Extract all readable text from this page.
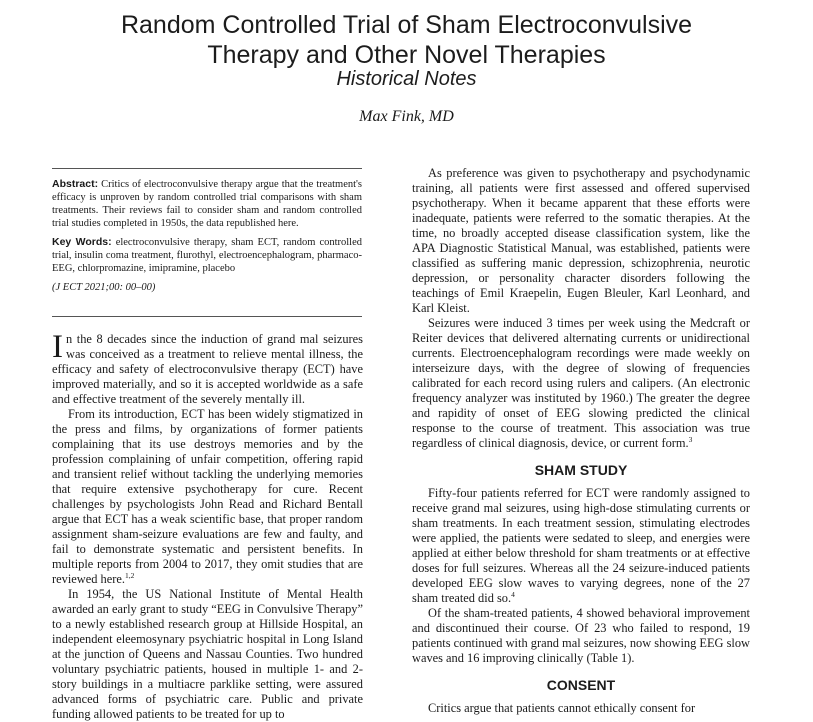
Random Controlled Trial of Sham Electroconvulsive
Therapy and Other Novel Therapies
Historical Notes
Max Fink, MD

Abstract: Critics of electroconvulsive therapy argue that the treatment's efficacy is unproven by random controlled trial comparisons with sham treatments. Their reviews fail to consider sham and random controlled trial studies completed in 1950s, the data republished here.

Key Words: electroconvulsive therapy, sham ECT, random controlled trial, insulin coma treatment, flurothyl, electroencephalogram, pharmaco-EEG, chlorpromazine, imipramine, placebo

(J ECT 2021;00: 00–00)

In the 8 decades since the induction of grand mal seizures was conceived as a treatment to relieve mental illness, the efficacy and safety of electroconvulsive therapy (ECT) have improved materially, and so it is accepted worldwide as a safe and effective treatment of the severely mentally ill.

From its introduction, ECT has been widely stigmatized in the press and films, by organizations of former patients complaining that its use destroys memories and by the profession complaining of unfair competition, offering rapid and transient relief without tackling the underlying memories that require extensive psychotherapy for cure. Recent challenges by psychologists John Read and Richard Bentall argue that ECT has a weak scientific base, that proper random assignment sham-seizure evaluations are few and faulty, and fail to demonstrate systematic and persistent benefits. In multiple reports from 2004 to 2017, they omit studies that are reviewed here.$^{1,2}$

In 1954, the US National Institute of Mental Health awarded an early grant to study “EEG in Convulsive Therapy” to a newly established research group at Hillside Hospital, an independent eleemosynary psychiatric hospital in Long Island at the junction of Queens and Nassau Counties. Two hundred voluntary psychiatric patients, housed in multiple 1- and 2-story buildings in a multiacre parklike setting, were assured advanced forms of psychiatric care. Public and private funding allowed patients to be treated for up to

As preference was given to psychotherapy and psychodynamic training, all patients were first assessed and offered supervised psychotherapy. When it became apparent that these efforts were inadequate, patients were referred to the somatic therapies. At the time, no broadly accepted disease classification system, like the APA Diagnostic Statistical Manual, was established, patients were classified as suffering manic depression, schizophrenia, neurotic depression, or personality character disorders following the teachings of Emil Kraepelin, Eugen Bleuler, Karl Leonhard, and Karl Kleist.

Seizures were induced 3 times per week using the Medcraft or Reiter devices that delivered alternating currents or unidirectional currents. Electroencephalogram recordings were made weekly on interseizure days, with the degree of slowing of frequencies calibrated for each record using rulers and calipers. (An electronic frequency analyzer was instituted by 1960.) The greater the degree and rapidity of onset of EEG slowing predicted the clinical response to the course of treatment. This association was true regardless of clinical diagnosis, device, or current form.$^3$

SHAM STUDY

Fifty-four patients referred for ECT were randomly assigned to receive grand mal seizures, using high-dose stimulating currents or sham treatments. In each treatment session, stimulating electrodes were applied, the patients were sedated to sleep, and energies were applied at either below threshold for sham treatments or at effective doses for full seizures. Whereas all the 24 seizure-induced patients developed EEG slow waves to varying degrees, none of the 27 sham treated did so.$^4$

Of the sham-treated patients, 4 showed behavioral improvement and discontinued their course. Of 23 who failed to respond, 19 patients continued with grand mal seizures, now showing EEG slow waves and 16 improving clinically (Table 1).

CONSENT

Critics argue that patients cannot ethically consent for
